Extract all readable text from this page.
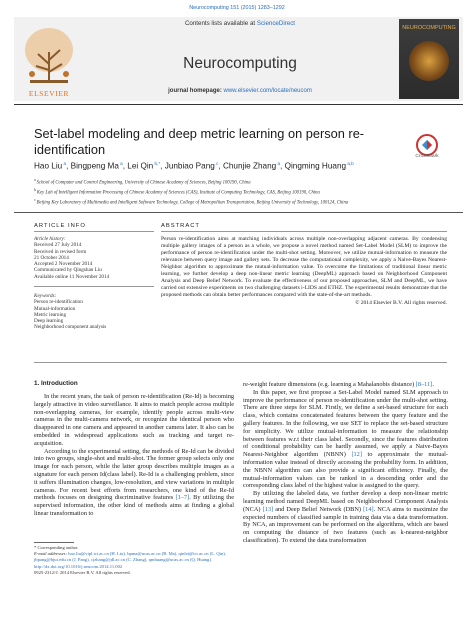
Neurocomputing 151 (2015) 1283–1292
ELSEVIER
Contents lists available at ScienceDirect
Neurocomputing
journal homepage: www.elsevier.com/locate/neucom
NEUROCOMPUTING
Set-label modeling and deep metric learning on person re-identification	CrossMark
Hao Liu $^a$, Bingpeng Ma $^a$, Lei Qin $^{b,*}$, Junbiao Pang $^c$, Chunjie Zhang $^a$, Qingming Huang $^{a,b}$
$^a$ School of Computer and Control Engineering, University of Chinese Academy of Sciences, Beijing 100190, China
$^b$ Key Lab of Intelligent Information Processing of Chinese Academy of Sciences (CAS), Institute of Computing Technology, CAS, Beijing 100190, China
$^c$ Beijing Key Laboratory of Multimedia and Intelligent Software Technology, College of Metropolitan Transportation, Beijing University of Technology, 100124, China
ARTICLE INFO	ABSTRACT
Article history:
Received 27 July 2014
Received in revised form
21 October 2014
Accepted 2 November 2014
Communicated by Qingshan Liu
Available online 11 November 2014
Keywords:
Person re-identification
Mutual-information
Metric learning
Deep learning
Neighborhood component analysis
Person re-identification aims at matching individuals across multiple non-overlapping adjacent cameras. By condensing multiple gallery images of a person as a whole, we propose a novel method named Set-Label Model (SLM) to improve the performance of person re-identification under the multi-shot setting. Moreover, we utilize mutual-information to measure the relevance between query image and gallery sets. To decrease the computational complexity, we apply a Naive-Bayes Nearest-Neighbor algorithm to approximate the mutual-information value. To overcome the limitations of traditional linear metric learning, we further develop a deep non-linear metric learning (DeepML) approach based on Neighborhood Component Analysis and Deep Belief Network. To evaluate the effectiveness of our proposed approaches, SLM and DeepML, we have carried out extensive experiments on two challenging datasets i-LIDS and ETHZ. The experimental results demonstrate that the proposed methods can obtain better performances compared with the state-of-the-art methods.
© 2014 Elsevier B.V. All rights reserved.
1. Introduction

In the recent years, the task of person re-identification (Re-Id) is becoming largely attractive in video surveillance. It aims to match people across multiple non-overlapping cameras, for example, identify people across multi-view cameras in the multi-camera network, or recognize the identical person who disappeared in one camera and appeared in another camera later. It also can be embedded in widespread applications such as tracking and target re-acquisition.

According to the experimental setting, the methods of Re-Id can be divided into two groups, single-shot and multi-shot. The former group selects only one image for each person, while the latter group describes multiple images as a signature for each person Id(class label). Re-Id is a challenging problem, since it suffers illumination changes, low-resolution, and view variations in multiple cameras. For recent best efforts from researchers, one kind of the Re-Id methods focuses on designing discriminative features [1–7]. By utilizing the supervised information, the other kind of methods aims at finding a global linear transformation to

re-weight feature dimensions (e.g. learning a Mahalanobis distance) [8–11].

In this paper, we first propose a Set-Label Model named SLM approach to improve the performance of person re-identification under the multi-shot setting. There are three steps for SLM. Firstly, we define a set-based structure for each class, which contains concatenated features between the query feature and the gallery features. In the following, we use SET to replace the set-based structure for simplicity. We utilize mutual-information to measure the relationship between features w.r.t their class label. Secondly, since the features distribution of conditional probability can be hardly assumed, we apply a Naive-Bayes Nearest-Neighbor algorithm (NBNN) [12] to approximate the mutual-information value instead of directly accessing the probability form. In addition, the NBNN algorithm can also provide a significant efficiency. Finally, the mutual-information values can be ranked in a descending order and the corresponding class label of the highest value is assigned to the query.

By utilizing the labeled data, we further develop a deep non-linear metric learning method named DeepML based on Neighborhood Component Analysis (NCA) [13] and Deep Belief Network (DBN) [14]. NCA aims to maximize the expected numbers of classified sample in training data via a data transformation. By NCA, an improvement can be performed on the algorithms, which are based on computing the distance of two features (such as k-nearest-neighbor classification). To extend the data transformation

* Corresponding author.
E-mail addresses: hao.liu@vipl.ict.ac.cn (H. Liu), bpma@ucas.ac.cn (B. Ma), qinlei@ict.ac.cn (L. Qin), jbpang@bjut.edu.cn (J. Pang), cjzhang@jdl.ac.cn (C. Zhang), qmhuang@ucas.ac.cn (Q. Huang).
http://dx.doi.org/10.1016/j.neucom.2014.11.002
0925-2312/© 2014 Elsevier B.V. All rights reserved.
